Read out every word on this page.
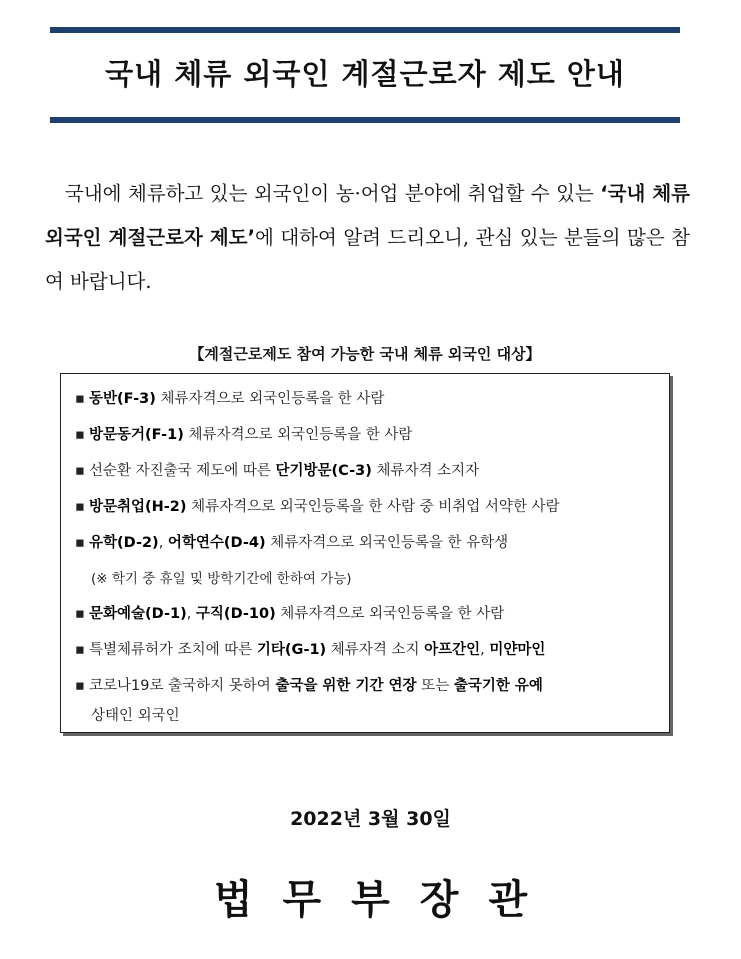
국내 체류 외국인 계절근로자 제도 안내

국내에 체류하고 있는 외국인이 농·어업 분야에 취업할 수 있는 ‘국내 체류 외국인 계절근로자 제도’에 대하여 알려 드리오니, 관심 있는 분들의 많은 참여 바랍니다.

【계절근로제도 참여 가능한 국내 체류 외국인 대상】
▪ 동반(F-3) 체류자격으로 외국인등록을 한 사람
▪ 방문동거(F-1) 체류자격으로 외국인등록을 한 사람
▪ 선순환 자진출국 제도에 따른 단기방문(C-3) 체류자격 소지자
▪ 방문취업(H-2) 체류자격으로 외국인등록을 한 사람 중 비취업 서약한 사람
▪ 유학(D-2), 어학연수(D-4) 체류자격으로 외국인등록을 한 유학생
(※ 학기 중 휴일 및 방학기간에 한하여 가능)
▪ 문화예술(D-1), 구직(D-10) 체류자격으로 외국인등록을 한 사람
▪ 특별체류허가 조치에 따른 기타(G-1) 체류자격 소지 아프간인, 미얀마인
▪ 코로나19로 출국하지 못하여 출국을 위한 기간 연장 또는 출국기한 유예
상태인 외국인
2022년 3월 30일
법무부장관
